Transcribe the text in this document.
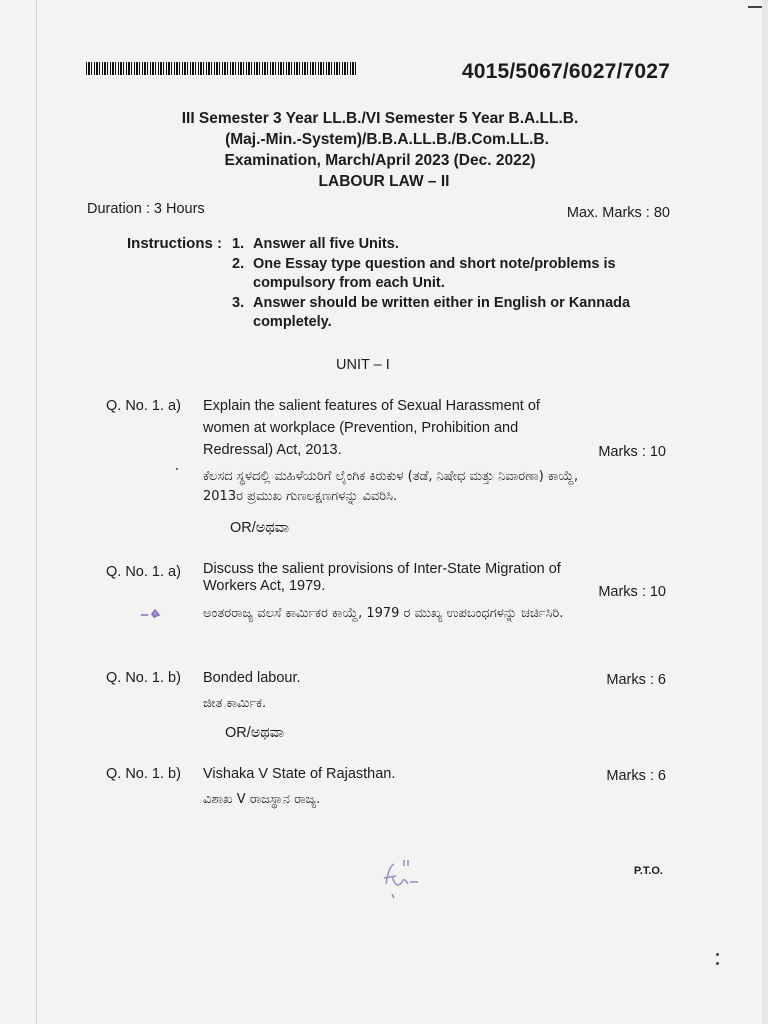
4015/5067/6027/7027
III Semester 3 Year LL.B./VI Semester 5 Year B.A.LL.B.
(Maj.-Min.-System)/B.B.A.LL.B./B.Com.LL.B.
Examination, March/April 2023 (Dec. 2022)
LABOUR LAW – II
Duration : 3 Hours	Max. Marks : 80
Instructions : 1. Answer all five Units.
2. One Essay type question and short note/problems is compulsory from each Unit.
3. Answer should be written either in English or Kannada completely.
UNIT – I
Q. No. 1. a) Explain the salient features of Sexual Harassment of women at workplace (Prevention, Prohibition and Redressal) Act, 2013.	Marks : 10
ಕೆಲಸದ ಸ್ಥಳದಲ್ಲಿ ಮಹಿಳೆಯರಿಗೆ ಲೈಂಗಿಕ ಕಿರುಕುಳ (ತಡೆ, ನಿಷೇಧ ಮತ್ತು ನಿವಾರಣಾ) ಕಾಯ್ದೆ, 2013ರ ಪ್ರಮುಖ ಗುಣಲಕ್ಷಣಗಳನ್ನು ವಿವರಿಸಿ.
OR/ಅಥವಾ
Q. No. 1. a) Discuss the salient provisions of Inter-State Migration of Workers Act, 1979.	Marks : 10
ಅಂತರರಾಜ್ಯ ವಲಸೆ ಕಾರ್ಮಿಕರ ಕಾಯ್ದೆ, 1979 ರ ಮುಖ್ಯ ಉಪಬಂಧಗಳನ್ನು ಚರ್ಚಿಸಿರಿ.
Q. No. 1. b) Bonded labour.	Marks : 6
ಜೀತ ಕಾರ್ಮಿಕ.
OR/ಅಥವಾ
Q. No. 1. b) Vishaka V State of Rajasthan.	Marks : 6
ವಿಶಾಖ V ರಾಜಸ್ಥಾನ ರಾಜ್ಯ.
P.T.O.
